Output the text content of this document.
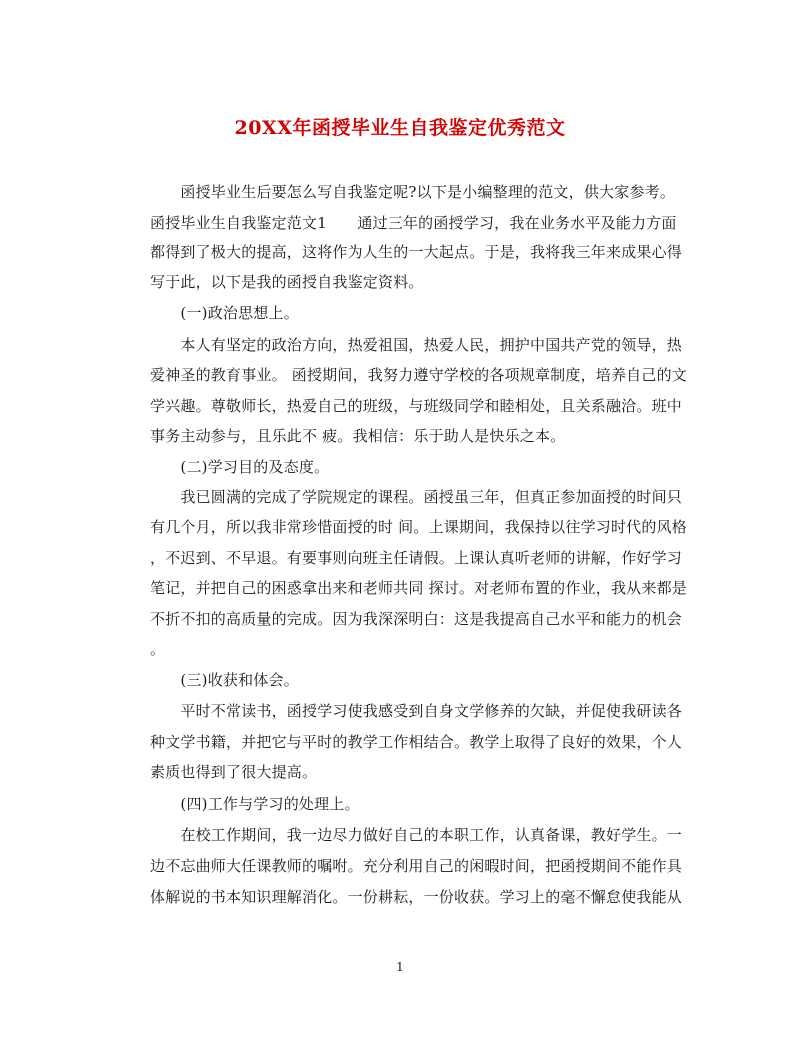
20XX年函授毕业生自我鉴定优秀范文
　　函授毕业生后要怎么写自我鉴定呢?以下是小编整理的范文，供大家参考。
函授毕业生自我鉴定范文1　　通过三年的函授学习，我在业务水平及能力方面
都得到了极大的提高，这将作为人生的一大起点。于是，我将我三年来成果心得
写于此，以下是我的函授自我鉴定资料。
　　(一)政治思想上。
　　本人有坚定的政治方向，热爱祖国，热爱人民，拥护中国共产党的领导，热
爱神圣的教育事业。 函授期间，我努力遵守学校的各项规章制度，培养自己的文
学兴趣。尊敬师长，热爱自己的班级，与班级同学和睦相处，且关系融洽。班中
事务主动参与，且乐此不 疲。我相信：乐于助人是快乐之本。
　　(二)学习目的及态度。
　　我已圆满的完成了学院规定的课程。函授虽三年，但真正参加面授的时间只
有几个月，所以我非常珍惜面授的时 间。上课期间，我保持以往学习时代的风格
，不迟到、不早退。有要事则向班主任请假。上课认真听老师的讲解，作好学习
笔记，并把自己的困惑拿出来和老师共同 探讨。对老师布置的作业，我从来都是
不折不扣的高质量的完成。因为我深深明白：这是我提高自己水平和能力的机会
。
　　(三)收获和体会。
　　平时不常读书，函授学习使我感受到自身文学修养的欠缺，并促使我研读各
种文学书籍，并把它与平时的教学工作相结合。教学上取得了良好的效果，个人
素质也得到了很大提高。
　　(四)工作与学习的处理上。
　　在校工作期间，我一边尽力做好自己的本职工作，认真备课，教好学生。一
边不忘曲师大任课教师的嘱咐。充分利用自己的闲暇时间，把函授期间不能作具
体解说的书本知识理解消化。一份耕耘，一份收获。学习上的毫不懈怠使我能从
1
